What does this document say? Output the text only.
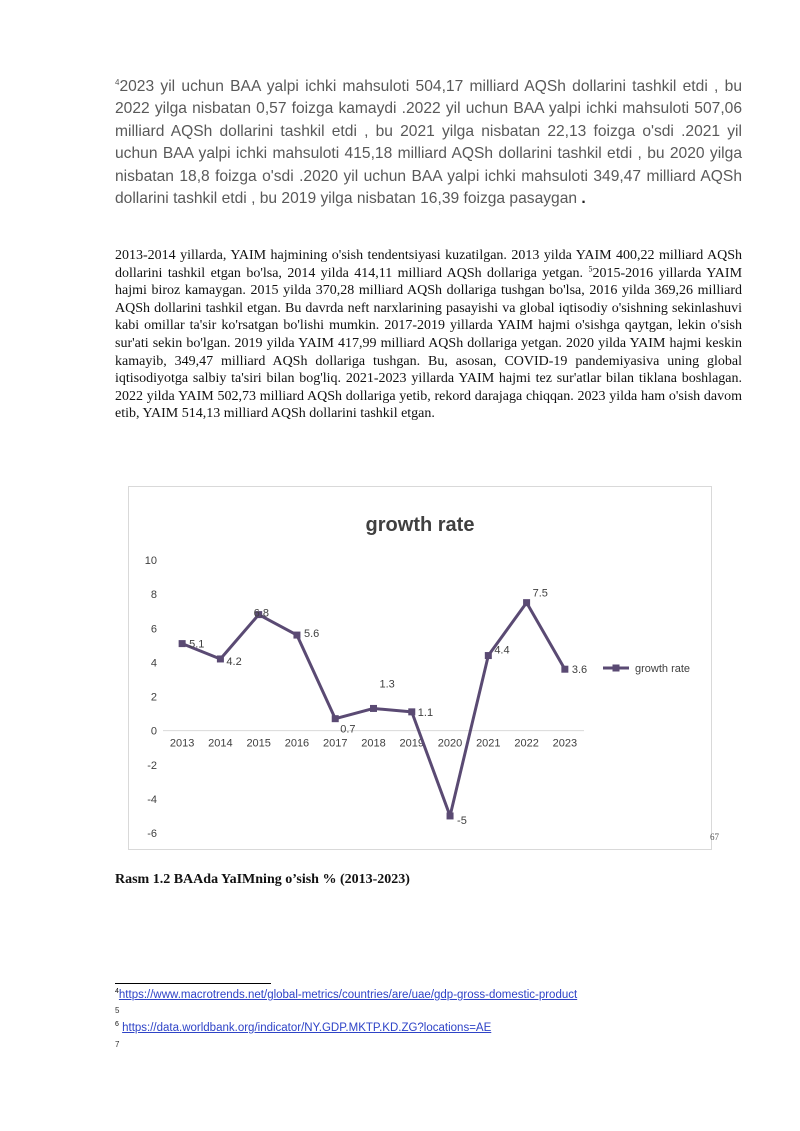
$^4$2023 yil uchun BAA yalpi ichki mahsuloti 504,17 milliard AQSh dollarini tashkil etdi , bu 2022 yilga nisbatan 0,57 foizga kamaydi .2022 yil uchun BAA yalpi ichki mahsuloti 507,06 milliard AQSh dollarini tashkil etdi , bu 2021 yilga nisbatan 22,13 foizga o'sdi .2021 yil uchun BAA yalpi ichki mahsuloti 415,18 milliard AQSh dollarini tashkil etdi , bu 2020 yilga nisbatan 18,8 foizga o'sdi .2020 yil uchun BAA yalpi ichki mahsuloti 349,47 milliard AQSh dollarini tashkil etdi , bu 2019 yilga nisbatan 16,39 foizga pasaygan .

2013-2014 yillarda, YAIM hajmining o'sish tendentsiyasi kuzatilgan. 2013 yilda YAIM 400,22 milliard AQSh dollarini tashkil etgan bo'lsa, 2014 yilda 414,11 milliard AQSh dollariga yetgan. $^5$2015-2016 yillarda YAIM hajmi biroz kamaygan. 2015 yilda 370,28 milliard AQSh dollariga tushgan bo'lsa, 2016 yilda 369,26 milliard AQSh dollarini tashkil etgan. Bu davrda neft narxlarining pasayishi va global iqtisodiy o'sishning sekinlashuvi kabi omillar ta'sir ko'rsatgan bo'lishi mumkin. 2017-2019 yillarda YAIM hajmi o'sishga qaytgan, lekin o'sish sur'ati sekin bo'lgan. 2019 yilda YAIM 417,99 milliard AQSh dollariga yetgan. 2020 yilda YAIM hajmi keskin kamayib, 349,47 milliard AQSh dollariga tushgan. Bu, asosan, COVID-19 pandemiyasiva uning global iqtisodiyotga salbiy ta'siri bilan bog'liq. 2021-2023 yillarda YAIM hajmi tez sur'atlar bilan tiklana boshlagan. 2022 yilda YAIM 502,73 milliard AQSh dollariga yetib, rekord darajaga chiqqan. 2023 yilda ham o'sish davom etib, YAIM 514,13 milliard AQSh dollarini tashkil etgan.

growth rate
10
8
6
4
2
0
-2
-4
-6
2013 2014 2015 2016 2017 2018 2019 2020 2021 2022 2023
5.1
4.2
6.8
5.6
0.7
1.3
1.1
-5
4.4
7.5
3.6	growth rate
67
Rasm 1.2 BAAda YaIMning o’sish % (2013-2023)
$^4$https://www.macrotrends.net/global-metrics/countries/are/uae/gdp-gross-domestic-product
5
$^6$ https://data.worldbank.org/indicator/NY.GDP.MKTP.KD.ZG?locations=AE
7
